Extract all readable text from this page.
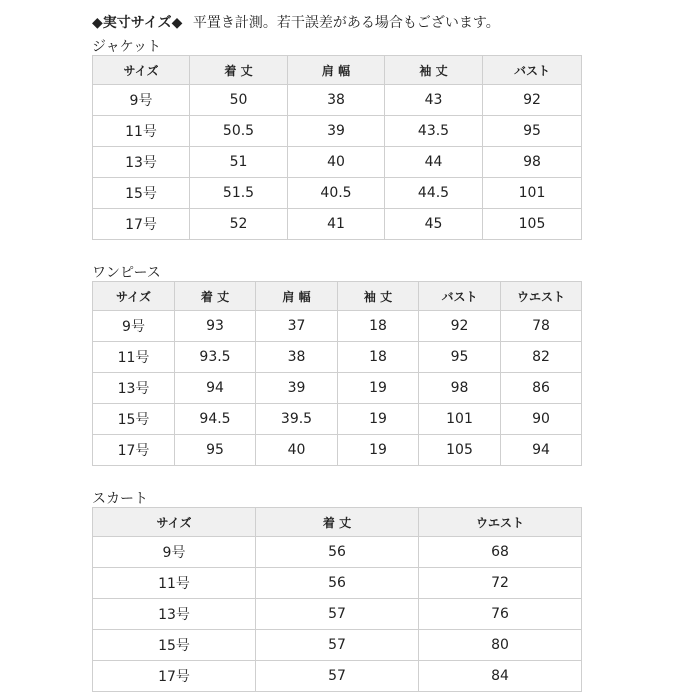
◆実寸サイズ◆ 平置き計測。若干誤差がある場合もございます。
ジャケット
サイズ	着 丈	肩 幅	袖 丈	バスト
9号	50	38	43	92
11号	50.5	39	43.5	95
13号	51	40	44	98
15号	51.5	40.5	44.5	101
17号	52	41	45	105
ワンピース
サイズ	着 丈	肩 幅	袖 丈	バスト	ウエスト
9号	93	37	18	92	78
11号	93.5	38	18	95	82
13号	94	39	19	98	86
15号	94.5	39.5	19	101	90
17号	95	40	19	105	94
スカート
サイズ	着 丈	ウエスト
9号	56	68
11号	56	72
13号	57	76
15号	57	80
17号	57	84
